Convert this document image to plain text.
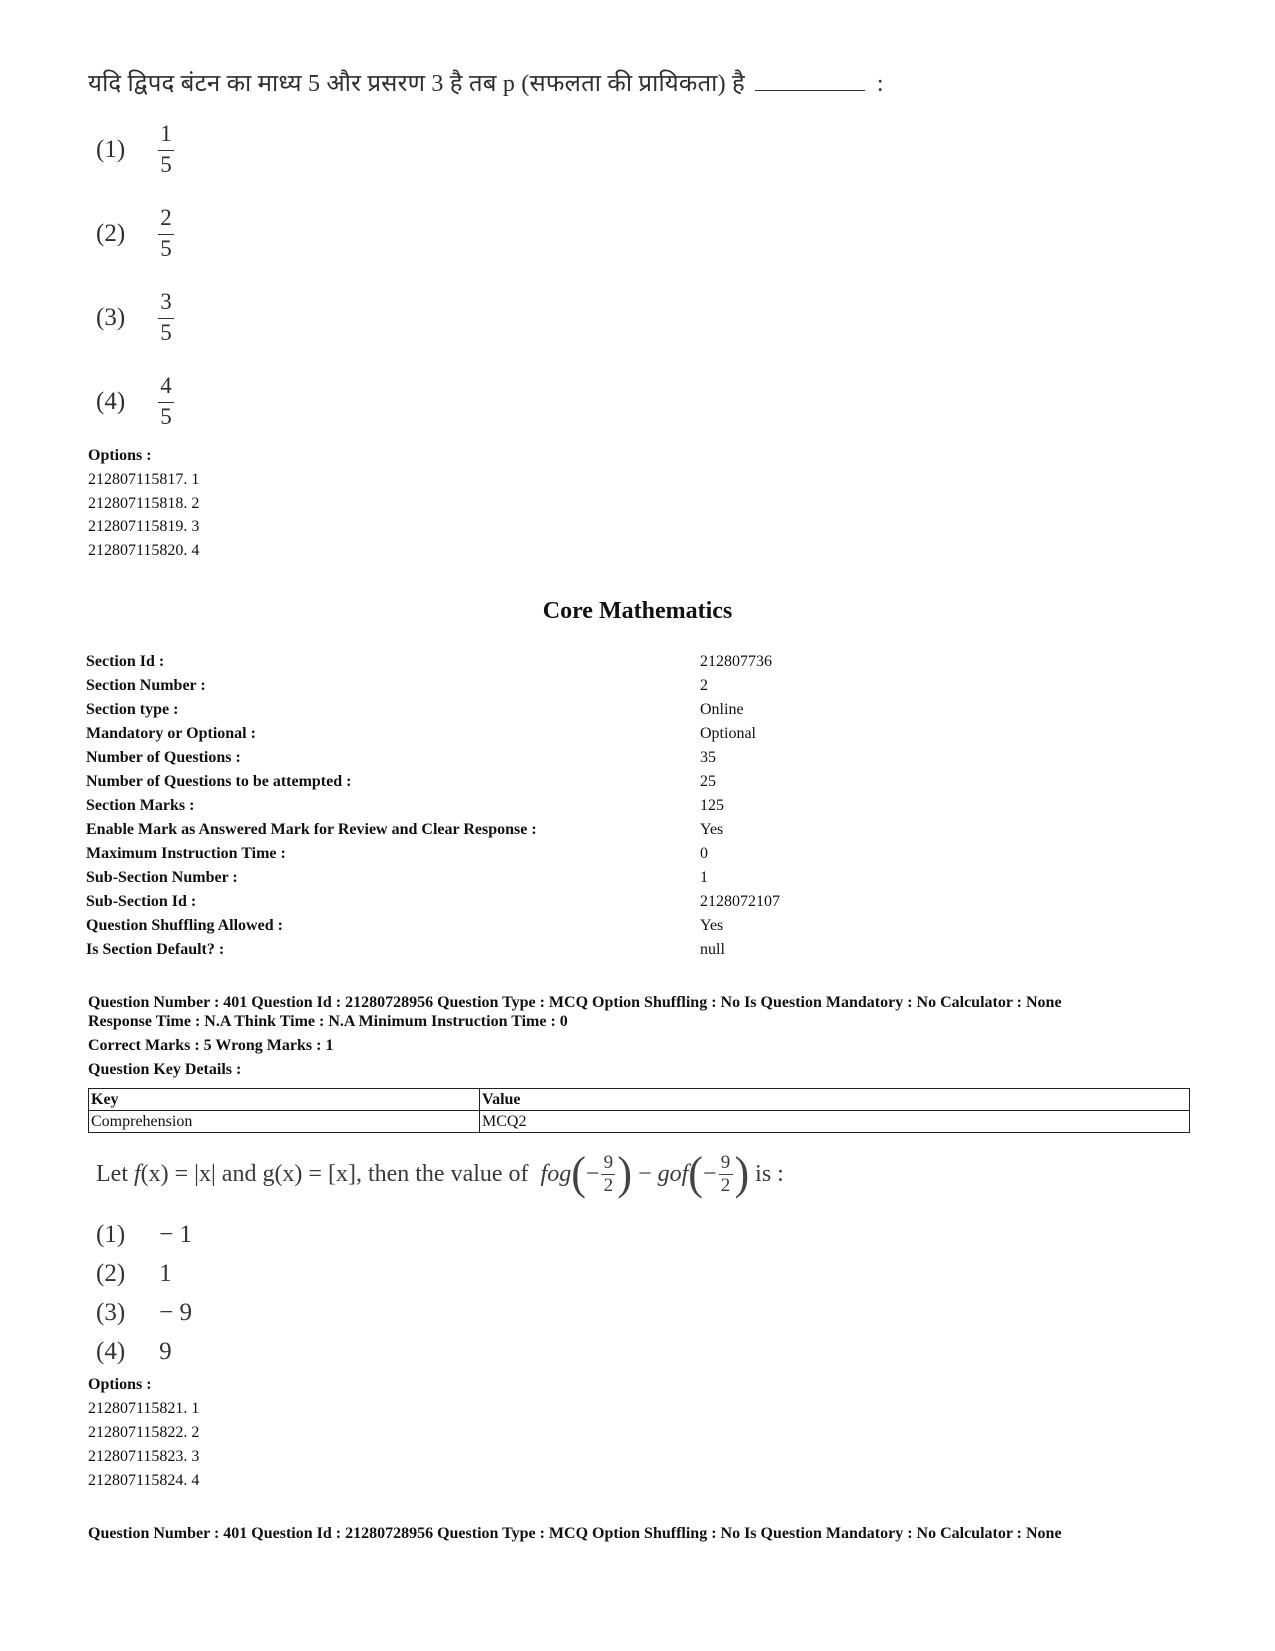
यदि द्विपद बंटन का माध्य 5 और प्रसरण 3 है तब p (सफलता की प्रायिकता) है	:
(1)	$\frac{1}{5}$
(2)	$\frac{2}{5}$
(3)	$\frac{3}{5}$
(4)	$\frac{4}{5}$
Options :
212807115817. 1
212807115818. 2
212807115819. 3
212807115820. 4
Core Mathematics
Section Id :	212807736
Section Number :	2
Section type :	Online
Mandatory or Optional :	Optional
Number of Questions :	35
Number of Questions to be attempted :	25
Section Marks :	125
Enable Mark as Answered Mark for Review and Clear Response :	Yes
Maximum Instruction Time :	0
Sub-Section Number :	1
Sub-Section Id :	2128072107
Question Shuffling Allowed :	Yes
Is Section Default? :	null
Question Number : 401 Question Id : 21280728956 Question Type : MCQ Option Shuffling : No Is Question Mandatory : No Calculator : None
Response Time : N.A Think Time : N.A Minimum Instruction Time : 0
Correct Marks : 5 Wrong Marks : 1
Question Key Details :
Key	Value
Comprehension	MCQ2
Let f (x) = |x| and g(x) = [x], then the value of fog ( − 9
2 ) − gof ( − 9
2 ) is :
(1) − 1
(2) 1
(3) − 9
(4) 9
Options :
212807115821. 1
212807115822. 2
212807115823. 3
212807115824. 4
Question Number : 401 Question Id : 21280728956 Question Type : MCQ Option Shuffling : No Is Question Mandatory : No Calculator : None
